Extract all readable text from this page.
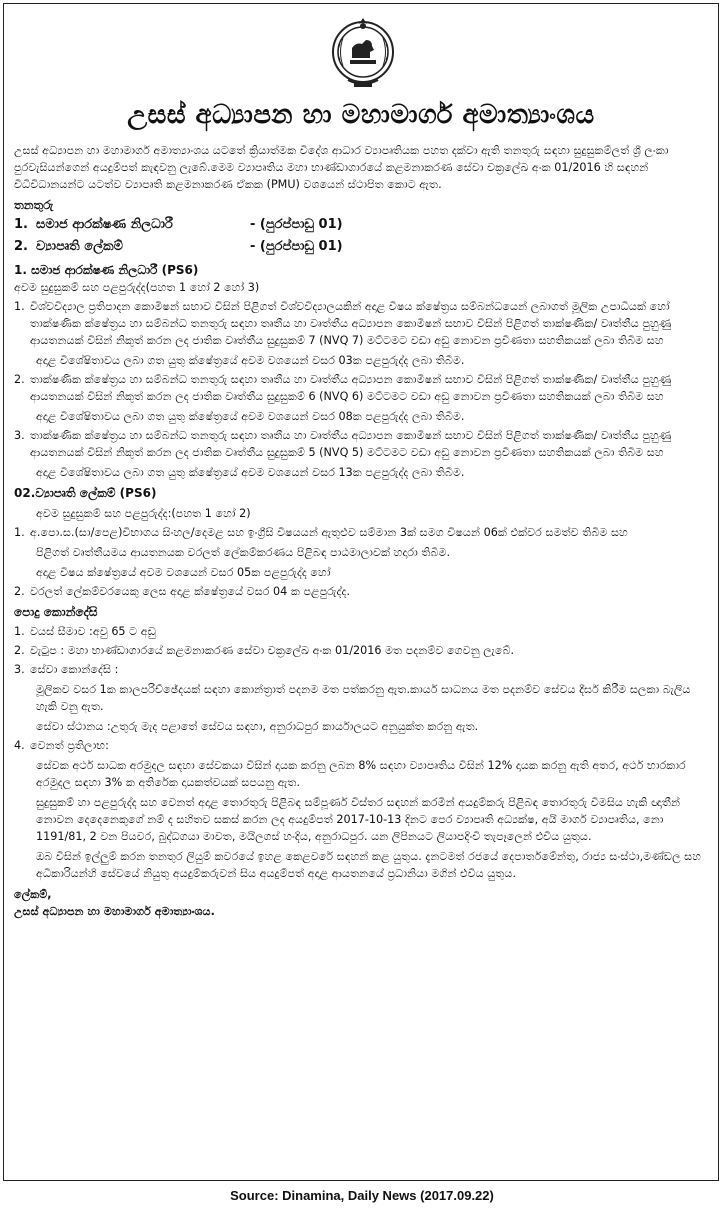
උසස් අධ්‍යාපන හා මහාමාර්ග අමාත්‍යාංශය

උසස් අධ්‍යාපන හා මහාමාර්ග අමාත්‍යාංශය යටතේ ක්‍රියාත්මක විදේශ ආධාර ව්‍යාපෘතියක පහත දක්වා ඇති තනතුරු සඳහා සුදුසුකම්ලත් ශ්‍රී ලංකා පුරවැසියන්ගෙන් අයදුම්පත් කැඳවනු ලැබේ.මෙම ව්‍යාපෘතිය මහා භාණ්ඩාගාරයේ කළමනාකරණ සේවා චක්‍රලේඛ අංක 01/2016 හි සඳහන් විධිවිධානයන්ට යටත්ව ව්‍යාපෘති කළමනාකරණ ඒකක (PMU) වශයෙන් ස්ථාපිත කොට ඇත.

තනතුරු
1. සමාජ ආරක්ෂණ නිලධාරී	- (පුරප්පාඩු 01)
2. ව්‍යාපෘති ලේකම්	- (පුරප්පාඩු 01)
1. සමාජ ආරක්ෂණ නිලධාරී (PS6)
අවම සුදුසුකම් සහ පළපුරුද්ද(පහත 1 හෝ 2 හෝ 3)
1. විශ්වවිද්‍යාල ප්‍රතිපාදන කොමිෂන් සභාව විසින් පිළිගත් විශ්වවිද්‍යාලයකින් අදාළ විෂය ක්ෂේත්‍රය සම්බන්ධයෙන් ලබාගත් මූලික උපාධියක් හෝ තාක්ෂණික ක්ෂේත්‍රය හා සම්බන්ධ තනතුරු සඳහා තෘතීය හා වෘත්තීය අධ්‍යාපන කොමිෂන් සභාව විසින් පිළිගත් තාක්ෂණික/ වෘත්තීය පුහුණු ආයතනයක් විසින් නිකුත් කරන ලද ජාතික වෘත්තීය සුදුසුකම් 7 (NVQ 7) මට්ටමට වඩා අඩු නොවන ප්‍රවීණතා සහතිකයක් ලබා තිබීම සහ
අදාළ විශේෂිතාවය ලබා ගත යුතු ක්ෂේත්‍රයේ අවම වශයෙන් වසර 03ක පළපුරුද්ද ලබා තිබීම.
2. තාක්ෂණික ක්ෂේත්‍රය හා සම්බන්ධ තනතුරු සඳහා තෘතීය හා වෘත්තීය අධ්‍යාපන කොමිෂන් සභාව විසින් පිළිගත් තාක්ෂණික/ වෘත්තීය පුහුණු ආයතනයක් විසින් නිකුත් කරන ලද ජාතික වෘත්තීය සුදුසුකම් 6 (NVQ 6) මට්ටමට වඩා අඩු නොවන ප්‍රවීණතා සහතිකයක් ලබා තිබීම සහ
අදාළ විශේෂිතාවය ලබා ගත යුතු ක්ෂේත්‍රයේ අවම වශයෙන් වසර 08ක පළපුරුද්ද ලබා තිබීම.
3. තාක්ෂණික ක්ෂේත්‍රය හා සම්බන්ධ තනතුරු සඳහා තෘතීය හා වෘත්තීය අධ්‍යාපන කොමිෂන් සභාව විසින් පිළිගත් තාක්ෂණික/ වෘත්තීය පුහුණු ආයතනයක් විසින් නිකුත් කරන ලද ජාතික වෘත්තීය සුදුසුකම් 5 (NVQ 5) මට්ටමට වඩා අඩු නොවන ප්‍රවීණතා සහතිකයක් ලබා තිබීම සහ
අදාළ විශේෂිතාවය ලබා ගත යුතු ක්ෂේත්‍රයේ අවම වශයෙන් වසර 13ක පළපුරුද්ද ලබා තිබීම.
02.ව්‍යාපෘති ලේකම් (PS6)
අවම සුදුසුකම් සහ පළපුරුද්ද:(පහත 1 හෝ 2)
1. අ.පො.ස.(සා/පෙළ)විභාගය සිංහල/දෙමළ සහ ඉංග්‍රීසි විෂයයන් ඇතුළුව සම්මාන 3ක් සමග විෂයන් 06ක් එක්වර සමත්ව තිබීම සහ
පිළිගත් වෘත්තීයමය ආයතනයක වරලත් ලේකම්කරණය පිළිබඳ පාඨමාලාවක් හදාරා තිබීම.
අදාළ විෂය ක්ෂේත්‍රයේ අවම වශයෙන් වසර 05ක පළපුරුද්ද හෝ
2. වරලත් ලේකම්වරයෙකු ලෙස අදාළ ක්ෂේත්‍රයේ වසර 04 ක පළපුරුද්ද.
පොදු කොන්දේසි
1. වයස් සීමාව :අවු 65 ට අඩු
2. වැටුප : මහා භාණ්ඩාගාරයේ කළමනාකරණ සේවා චක්‍රලේඛ අංක 01/2016 මත පදනම්ව ගෙවනු ලැබේ.
3. සේවා කොන්දේසි :
මූලිකව වසර 1ක කාලපරිච්ඡේදයක් සඳහා කොන්ත්‍රාත් පදනම මත පත්කරනු ඇත.කාර්ය සාධනය මත පදනම්ව සේවය දීර්ඝ කිරීම සලකා බැලිය හැකි වනු ඇත.
සේවා ස්ථානය :උතුරු මැද පළාතේ සේවය සඳහා, අනුරාධපුර කාර්යාලයට අනුයුක්ත කරනු ඇත.
4. වෙනත් ප්‍රතිලාභ:
සේවක අර්ථ සාධක අරමුදල සඳහා සේවකයා විසින් දායක කරනු ලබන 8% සඳහා ව්‍යාපෘතිය විසින් 12% දායක කරනු ඇති අතර, අර්ථ භාරකාර අරමුදල සඳහා 3% ක අතිරේක දායකත්වයක් සපයනු ඇත.
සුදුසුකම් හා පළපුරුද්ද සහ වෙනත් අදාළ තොරතුරු පිළිබඳ සම්පූර්ණ විස්තර සඳහන් කරමින් අයදුම්කරු පිළිබඳ තොරතුරු විමසිය හැකි ඥාතීන් නොවන දෙදෙනෙකුගේ නම් ද සහිතව සකස් කරන ලද අයදුම්පත් 2017-10-13 දිනට පෙර ව්‍යාපෘති අධ්‍යක්ෂ, අයි මාර්ග ව්‍යාපෘතිය, නො 1191/81, 2 වන පියවර, බුද්ධගයා මාවත, මයිලගස් හංදිය, අනුරාධපුර. යන ලිපිනයට ලියාපදිංචි තැපෑලෙන් එවිය යුතුය.
ඔබ විසින් ඉල්ලුම් කරන තනතුර ලියුම් කවරයේ ඉහළ කෙළවරේ සඳහන් කළ යුතුය. දැනටමත් රජයේ දෙපාර්තමේන්තු, රාජ්‍ය සංස්ථා,මණ්ඩල සහ අධිකාරියන්හි සේවයේ නියුතු අයදුම්කරුවන් සිය අයදුම්පත් අදාළ ආයතනයේ ප්‍රධානියා මගින් එවිය යුතුය.
ලේකම්,
උසස් අධ්‍යාපන හා මහාමාර්ග අමාත්‍යාංශය.
Source: Dinamina, Daily News (2017.09.22)
